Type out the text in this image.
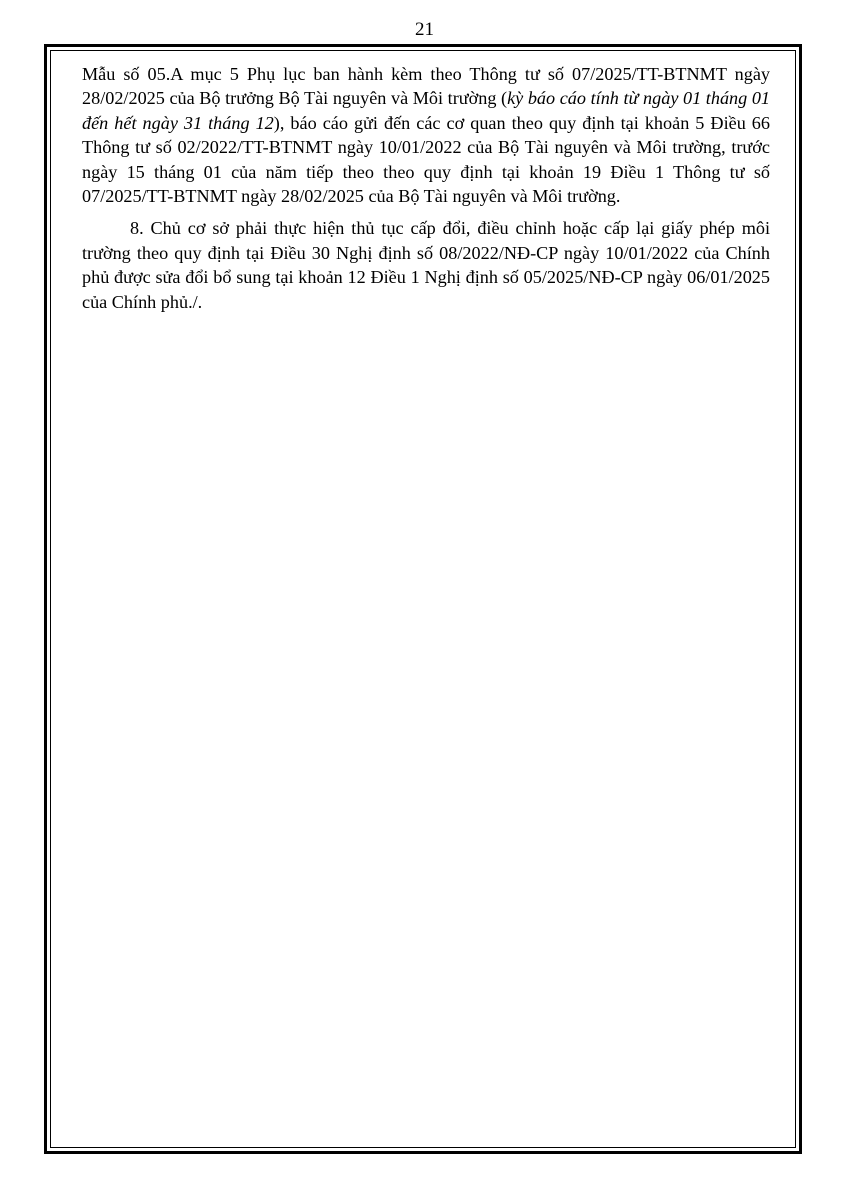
21

Mẫu số 05.A mục 5 Phụ lục ban hành kèm theo Thông tư số 07/2025/TT-BTNMT ngày 28/02/2025 của Bộ trưởng Bộ Tài nguyên và Môi trường (kỳ báo cáo tính từ ngày 01 tháng 01 đến hết ngày 31 tháng 12), báo cáo gửi đến các cơ quan theo quy định tại khoản 5 Điều 66 Thông tư số 02/2022/TT-BTNMT ngày 10/01/2022 của Bộ Tài nguyên và Môi trường, trước ngày 15 tháng 01 của năm tiếp theo theo quy định tại khoản 19 Điều 1 Thông tư số 07/2025/TT-BTNMT ngày 28/02/2025 của Bộ Tài nguyên và Môi trường.

8. Chủ cơ sở phải thực hiện thủ tục cấp đổi, điều chỉnh hoặc cấp lại giấy phép môi trường theo quy định tại Điều 30 Nghị định số 08/2022/NĐ-CP ngày 10/01/2022 của Chính phủ được sửa đổi bổ sung tại khoản 12 Điều 1 Nghị định số 05/2025/NĐ-CP ngày 06/01/2025 của Chính phủ./.
